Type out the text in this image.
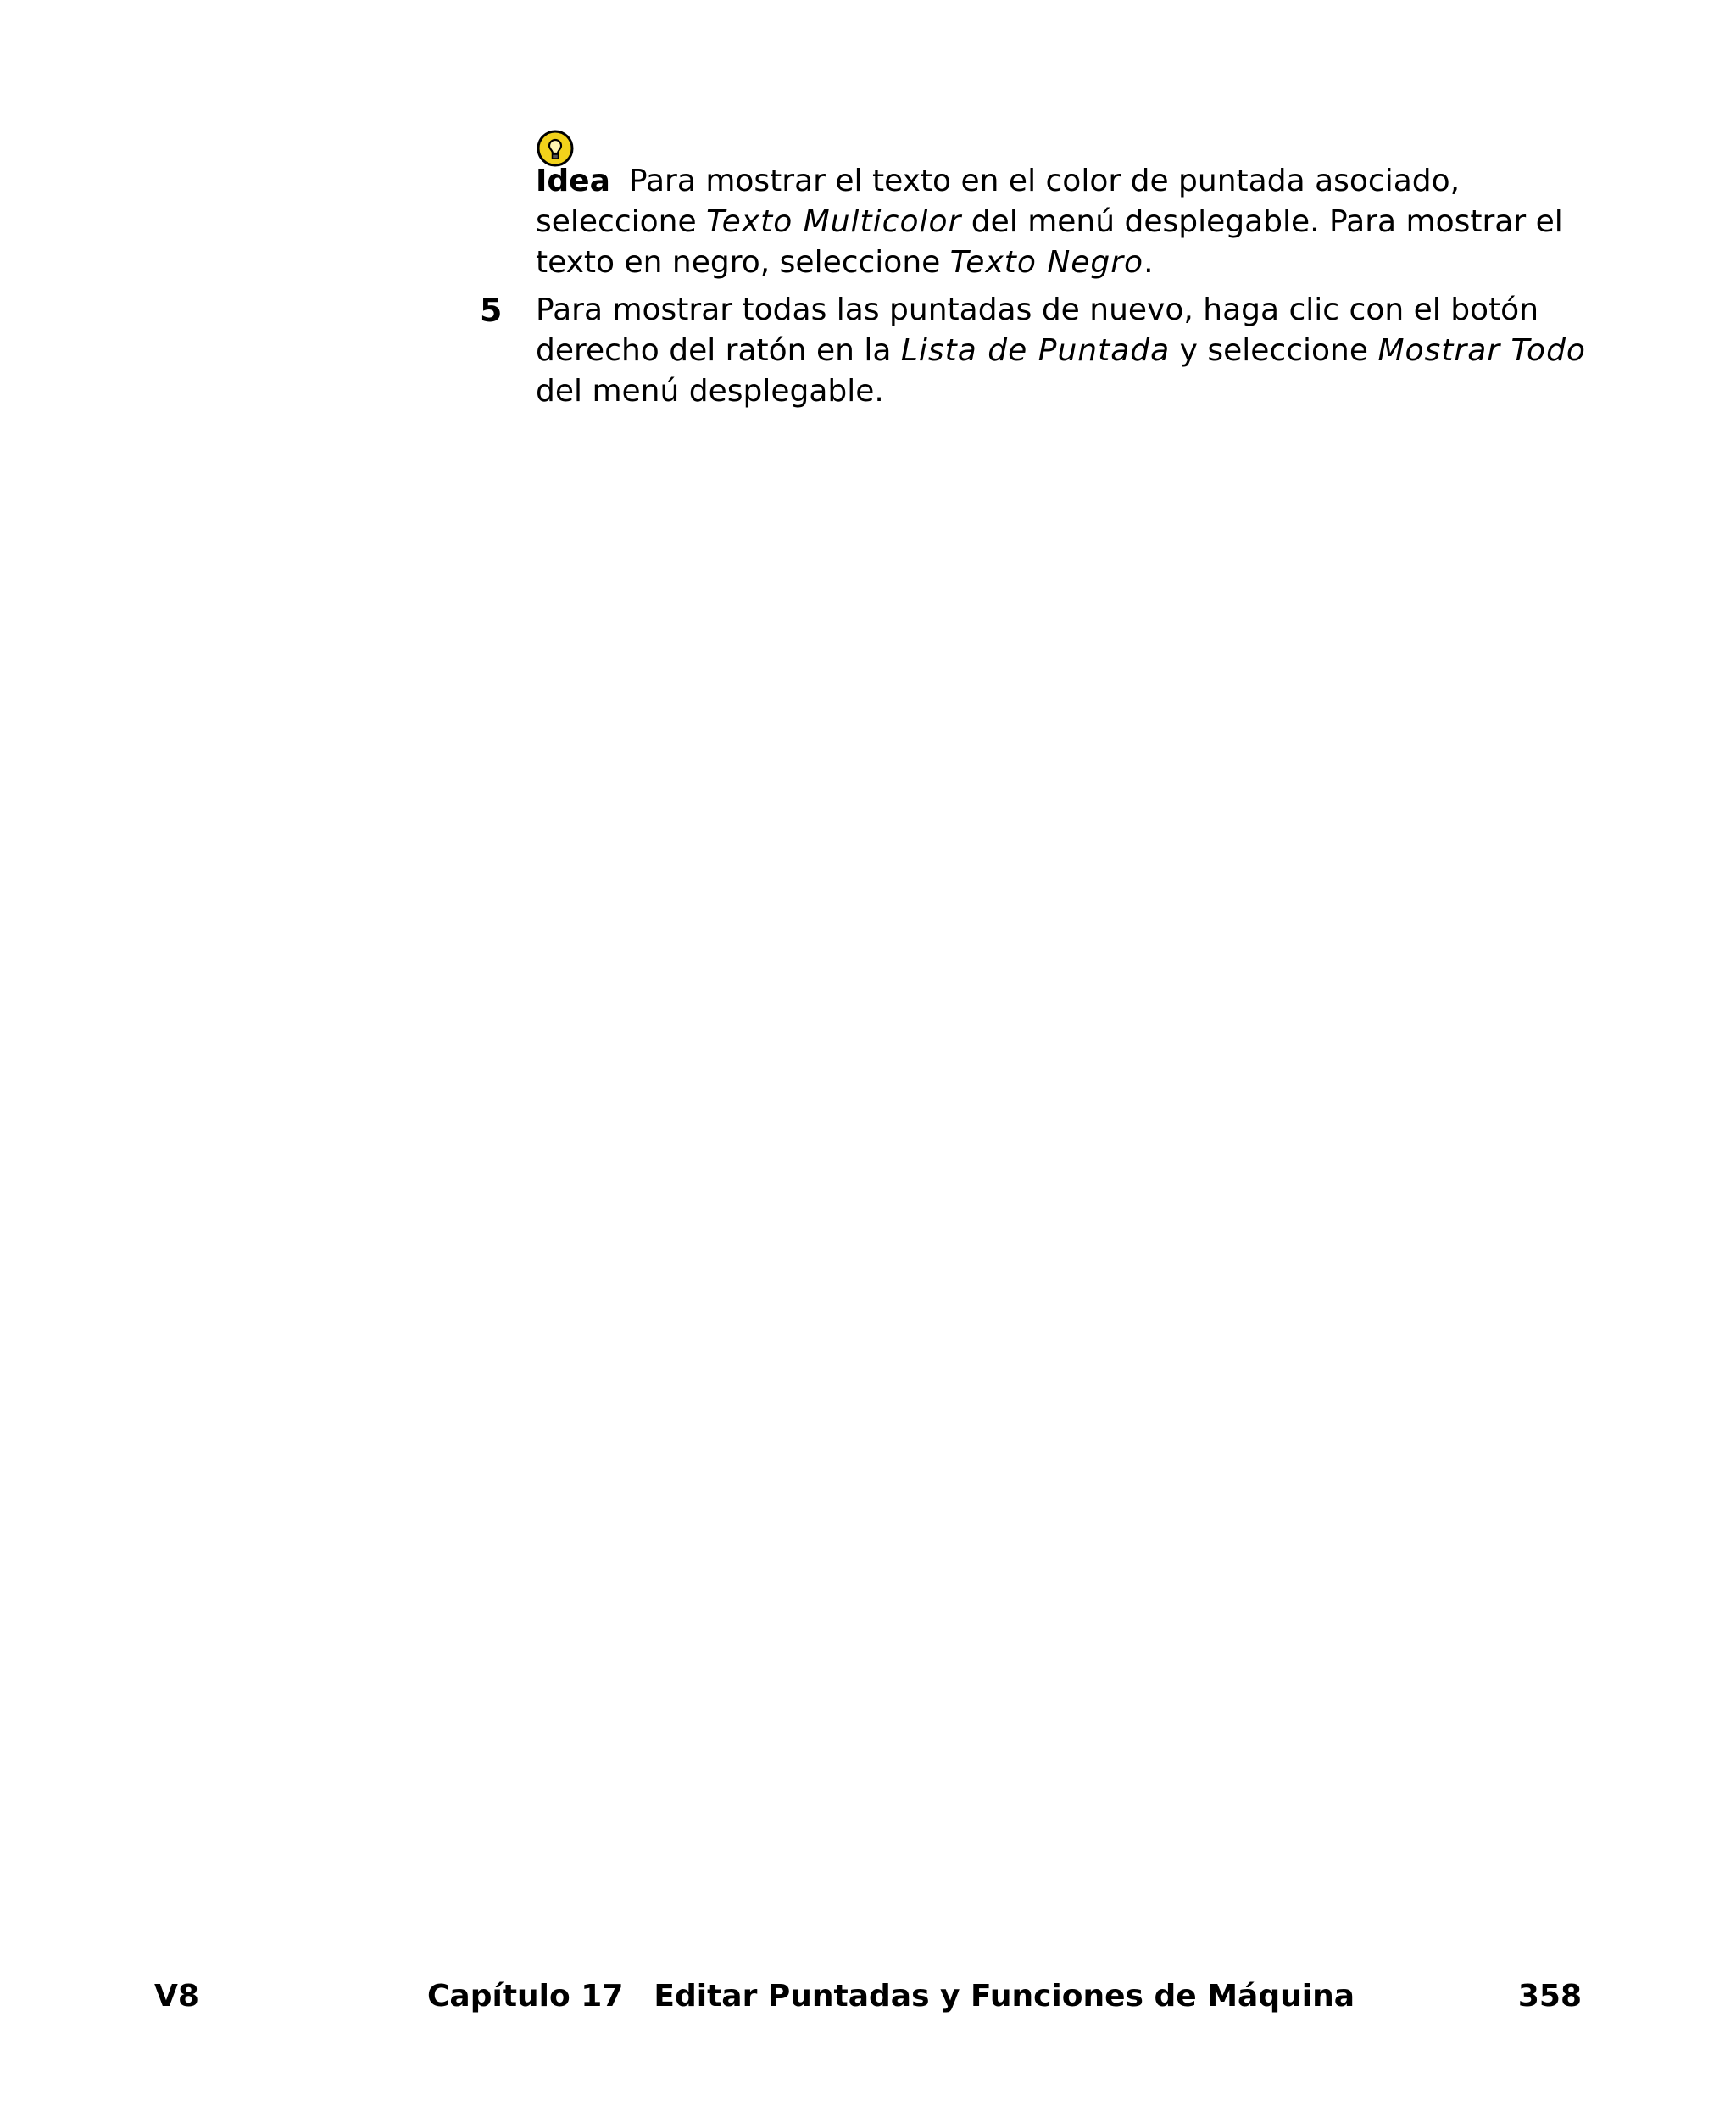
Idea Para mostrar el texto en el color de puntada asociado, seleccione Texto Multicolor del menú desplegable. Para mostrar el texto en negro, seleccione Texto Negro.

5 Para mostrar todas las puntadas de nuevo, haga clic con el botón derecho del ratón en la Lista de Puntada y seleccione Mostrar Todo del menú desplegable.

V8	Capítulo 17 Editar Puntadas y Funciones de Máquina	358
